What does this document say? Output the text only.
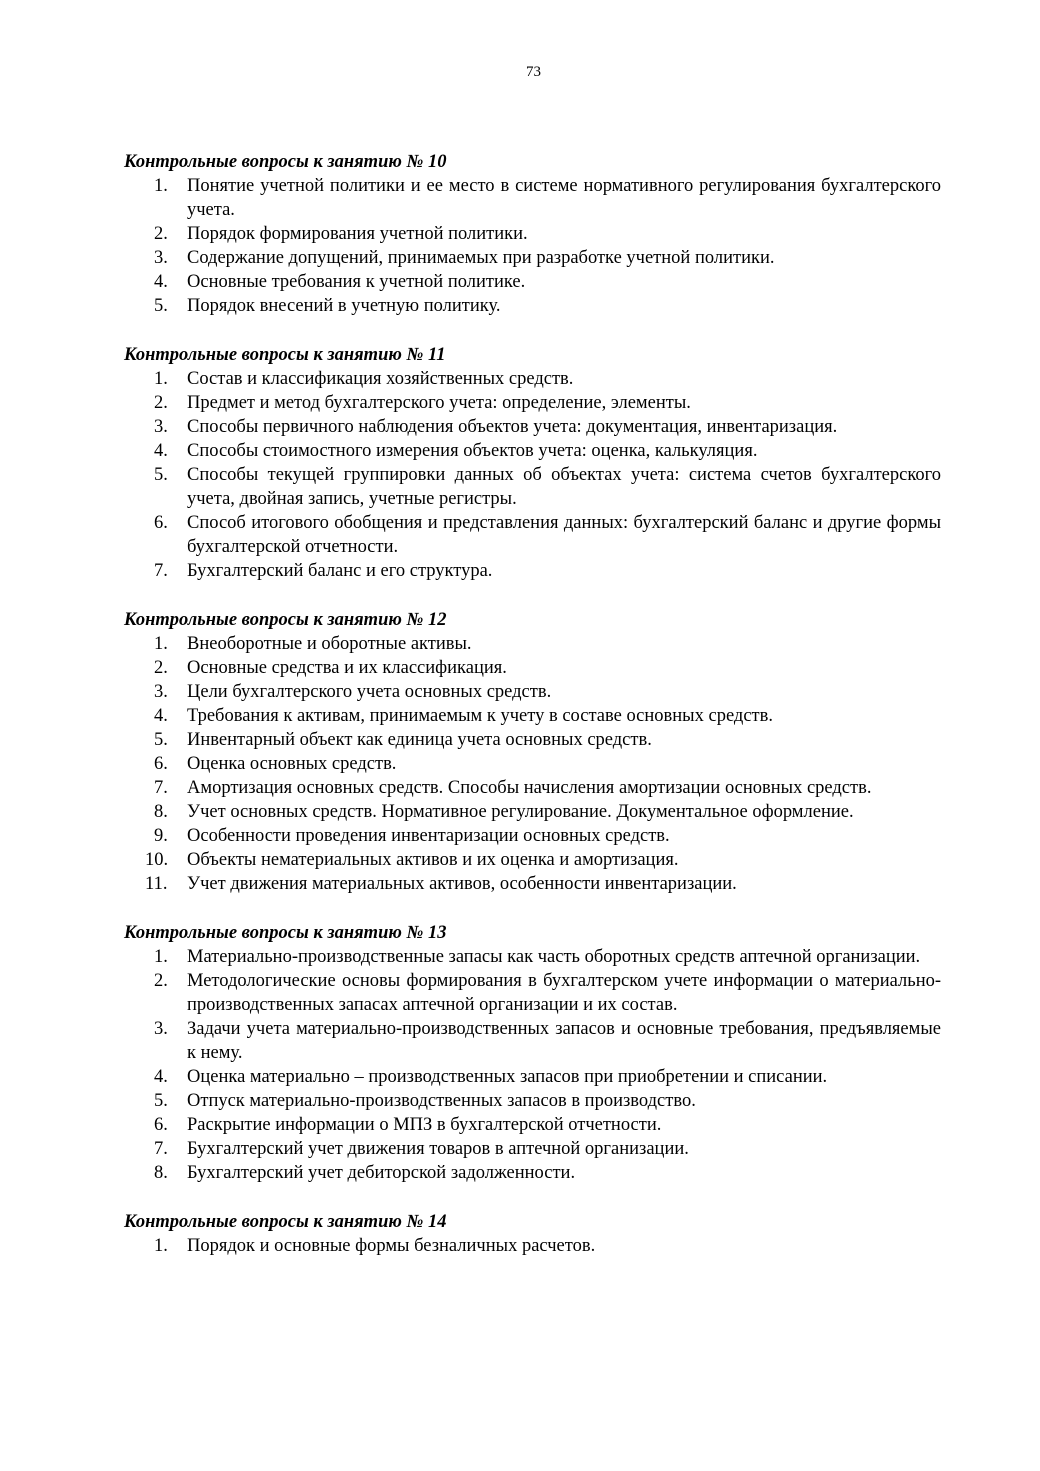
73
Контрольные вопросы к занятию № 10
1.	Понятие учетной политики и ее место в системе нормативного регулирования бухгалтерского учета.
2.	Порядок формирования учетной политики.
3.	Содержание допущений, принимаемых при разработке учетной политики.
4.	Основные требования к учетной политике.
5.	Порядок внесений в учетную политику.
Контрольные вопросы к занятию № 11
1.	Состав и классификация хозяйственных средств.
2.	Предмет и метод бухгалтерского учета: определение, элементы.
3.	Способы первичного наблюдения объектов учета: документация, инвентаризация.
4.	Способы стоимостного измерения объектов учета: оценка, калькуляция.
5.	Способы текущей группировки данных об объектах учета: система счетов бухгалтерского учета, двойная запись, учетные регистры.
6.	Способ итогового обобщения и представления данных: бухгалтерский баланс и другие формы бухгалтерской отчетности.
7.	Бухгалтерский баланс и его структура.
Контрольные вопросы к занятию № 12
1.	Внеоборотные и оборотные активы.
2.	Основные средства и их классификация.
3.	Цели бухгалтерского учета основных средств.
4.	Требования к активам, принимаемым к учету в составе основных средств.
5.	Инвентарный объект как единица учета основных средств.
6.	Оценка основных средств.
7.	Амортизация основных средств. Способы начисления амортизации основных средств.
8.	Учет основных средств. Нормативное регулирование. Документальное оформление.
9.	Особенности проведения инвентаризации основных средств.
10.	Объекты нематериальных активов и их оценка и амортизация.
11.	Учет движения материальных активов, особенности инвентаризации.
Контрольные вопросы к занятию № 13
1.	Материально-производственные запасы как часть оборотных средств аптечной организации.
2.	Методологические основы формирования в бухгалтерском учете информации о материально-производственных запасах аптечной организации и их состав.
3.	Задачи учета материально-производственных запасов и основные требования, предъявляемые к нему.
4.	Оценка материально – производственных запасов при приобретении и списании.
5.	Отпуск материально-производственных запасов в производство.
6.	Раскрытие информации о МПЗ в бухгалтерской отчетности.
7.	Бухгалтерский учет движения товаров в аптечной организации.
8.	Бухгалтерский учет дебиторской задолженности.
Контрольные вопросы к занятию № 14
1.	Порядок и основные формы безналичных расчетов.
